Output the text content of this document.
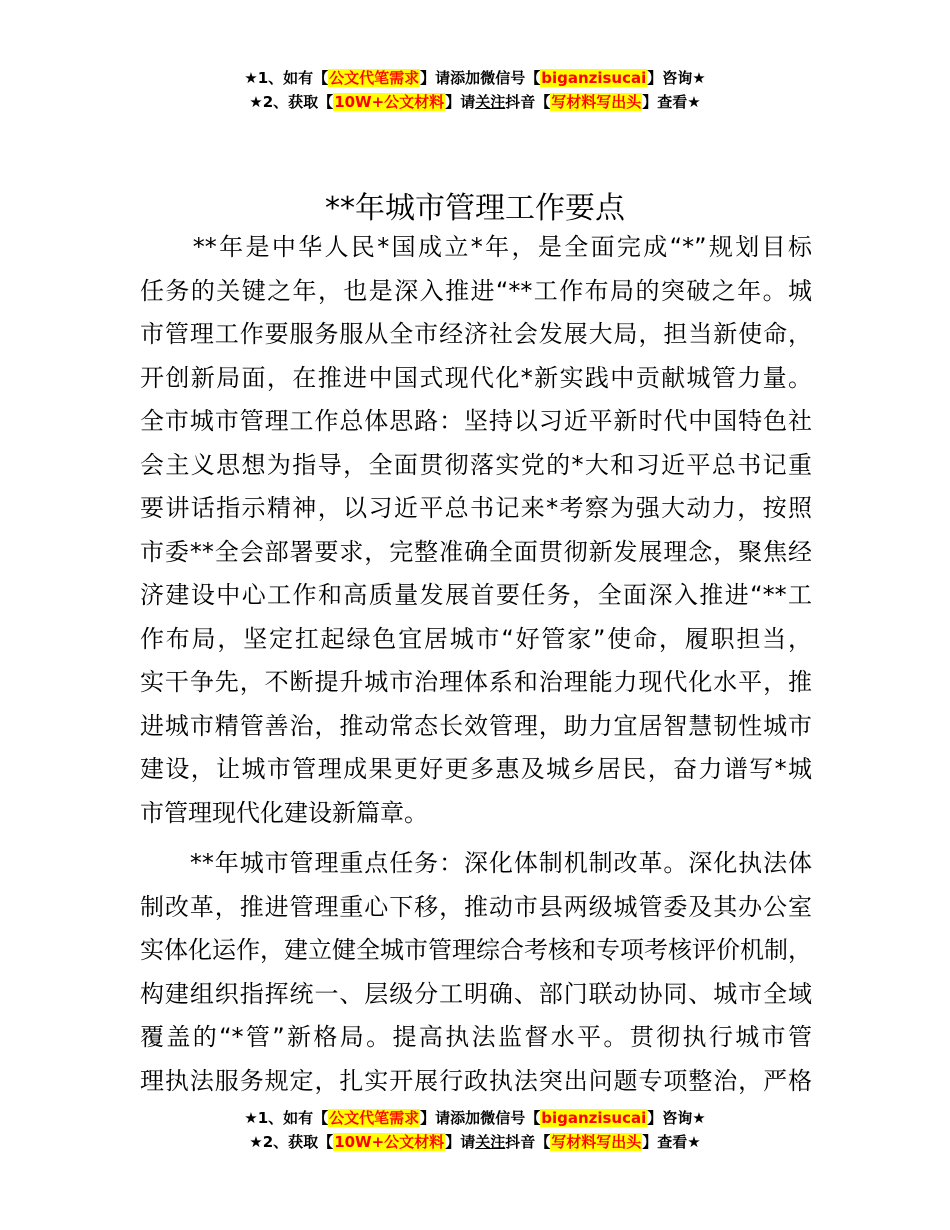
★1、如有【公文代笔需求】请添加微信号【biganzisucai】咨询★
★2、获取【10W+公文材料】请关注抖音【写材料写出头】查看★
**年城市管理工作要点
　　**年是中华人民*国成立*年，是全面完成“*”规划目标
任务的关键之年，也是深入推进“**工作布局的突破之年。城
市管理工作要服务服从全市经济社会发展大局，担当新使命，
开创新局面，在推进中国式现代化*新实践中贡献城管力量。
全市城市管理工作总体思路：坚持以习近平新时代中国特色社
会主义思想为指导，全面贯彻落实党的*大和习近平总书记重
要讲话指示精神，以习近平总书记来*考察为强大动力，按照
市委**全会部署要求，完整准确全面贯彻新发展理念，聚焦经
济建设中心工作和高质量发展首要任务，全面深入推进“**工
作布局，坚定扛起绿色宜居城市“好管家”使命，履职担当，
实干争先，不断提升城市治理体系和治理能力现代化水平，推
进城市精管善治，推动常态长效管理，助力宜居智慧韧性城市
建设，让城市管理成果更好更多惠及城乡居民，奋力谱写*城
市管理现代化建设新篇章。
　　**年城市管理重点任务：深化体制机制改革。深化执法体
制改革，推进管理重心下移，推动市县两级城管委及其办公室
实体化运作，建立健全城市管理综合考核和专项考核评价机制，
构建组织指挥统一、层级分工明确、部门联动协同、城市全域
覆盖的“*管”新格局。提高执法监督水平。贯彻执行城市管
理执法服务规定，扎实开展行政执法突出问题专项整治，严格
★1、如有【公文代笔需求】请添加微信号【biganzisucai】咨询★
★2、获取【10W+公文材料】请关注抖音【写材料写出头】查看★
